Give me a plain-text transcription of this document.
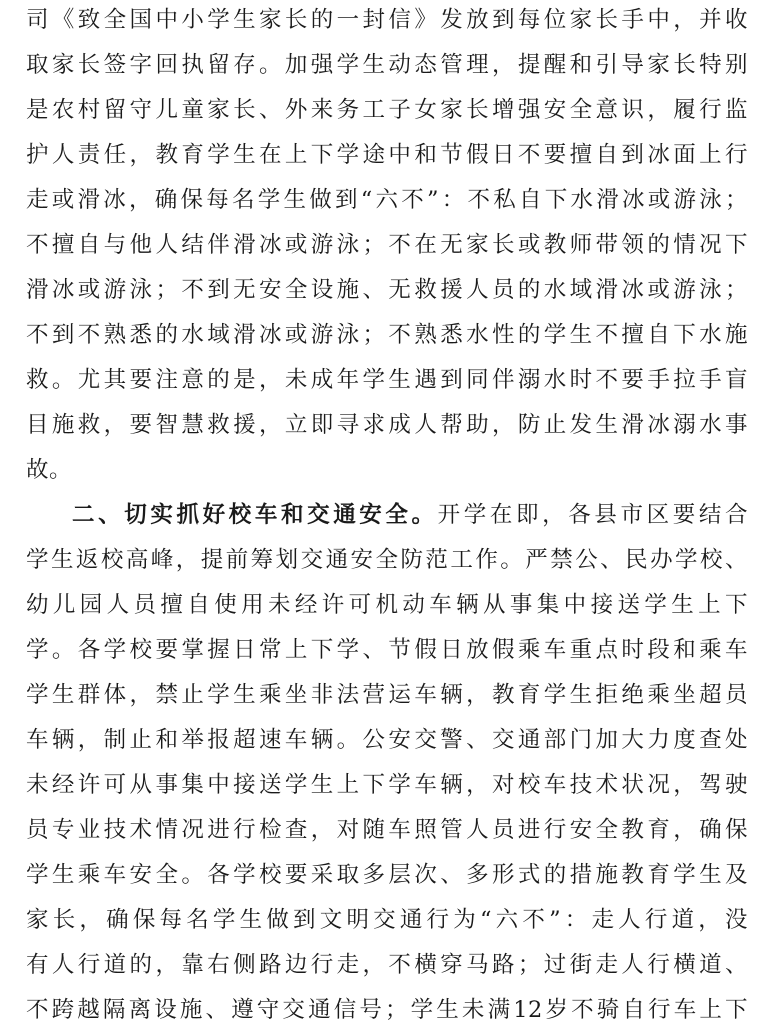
司《致全国中小学生家长的一封信》发放到每位家长手中，并收
取家长签字回执留存。加强学生动态管理，提醒和引导家长特别
是农村留守儿童家长、外来务工子女家长增强安全意识，履行监
护人责任，教育学生在上下学途中和节假日不要擅自到冰面上行
走或滑冰，确保每名学生做到“六不”：不私自下水滑冰或游泳；
不擅自与他人结伴滑冰或游泳；不在无家长或教师带领的情况下
滑冰或游泳；不到无安全设施、无救援人员的水域滑冰或游泳；
不到不熟悉的水域滑冰或游泳；不熟悉水性的学生不擅自下水施
救。尤其要注意的是，未成年学生遇到同伴溺水时不要手拉手盲
目施救，要智慧救援，立即寻求成人帮助，防止发生滑冰溺水事
故。
二、切实抓好校车和交通安全。开学在即，各县市区要结合
学生返校高峰，提前筹划交通安全防范工作。严禁公、民办学校、
幼儿园人员擅自使用未经许可机动车辆从事集中接送学生上下
学。各学校要掌握日常上下学、节假日放假乘车重点时段和乘车
学生群体，禁止学生乘坐非法营运车辆，教育学生拒绝乘坐超员
车辆，制止和举报超速车辆。公安交警、交通部门加大力度查处
未经许可从事集中接送学生上下学车辆，对校车技术状况，驾驶
员专业技术情况进行检查，对随车照管人员进行安全教育，确保
学生乘车安全。各学校要采取多层次、多形式的措施教育学生及
家长，确保每名学生做到文明交通行为“六不”：走人行道，没
有人行道的，靠右侧路边行走，不横穿马路；过街走人行横道、
不跨越隔离设施、遵守交通信号；学生未满12岁不骑自行车上下
